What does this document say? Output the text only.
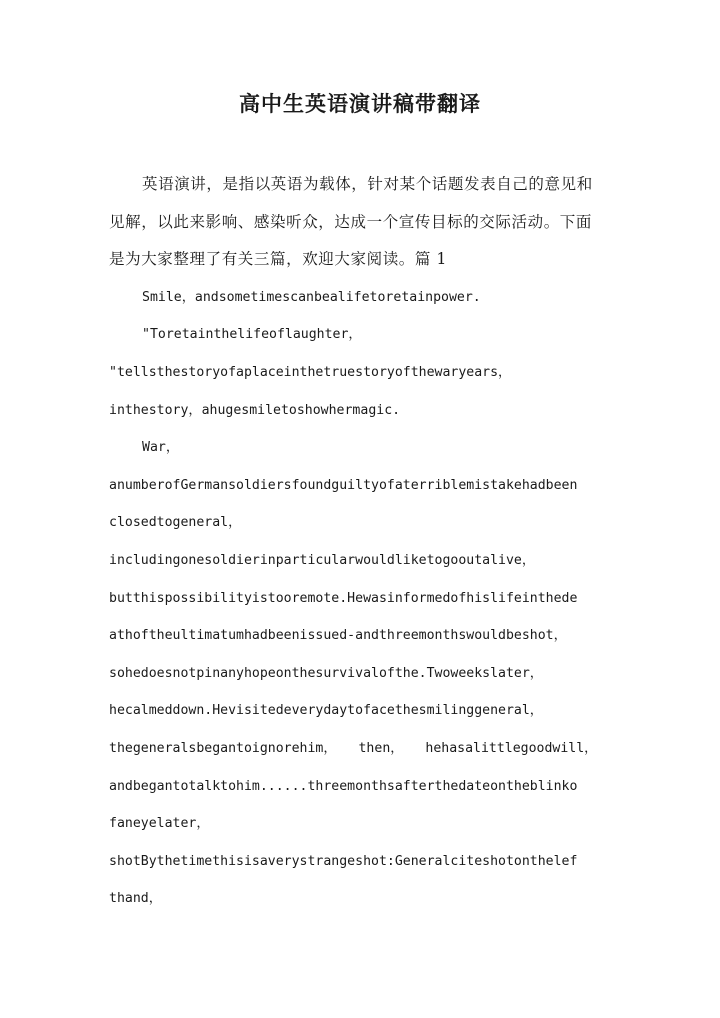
高中生英语演讲稿带翻译
英语演讲，是指以英语为载体，针对某个话题发表自己的意见和
见解，以此来影响、感染听众，达成一个宣传目标的交际活动。下面
是为大家整理了有关三篇，欢迎大家阅读。篇 1
Smile，andsometimescanbealifetoretainpower.
"Toretainthelifeoflaughter，
"tellsthestoryofaplaceinthetruestoryofthewaryears，
inthestory，ahugesmiletoshowhermagic.
War，
anumberofGermansoldiersfoundguiltyofaterriblemistakehadbeen
closedtogeneral，
includingonesoldierinparticularwouldliketogooutalive，
butthispossibilityistooremote.Hewasinformedofhislifeinthede
athoftheultimatumhadbeenissued-andthreemonthswouldbeshot，
sohedoesnotpinanyhopeonthesurvivalofthe.Twoweekslater，
hecalmeddown.Hevisitedeverydaytofacethesmilinggeneral，
thegeneralsbegantoignorehim， then， hehasalittlegoodwill，
andbegantotalktohim......threemonthsafterthedateontheblinko
faneyelater，
shotBythetimethisisaverystrangeshot:Generalciteshotonthelef
thand，
